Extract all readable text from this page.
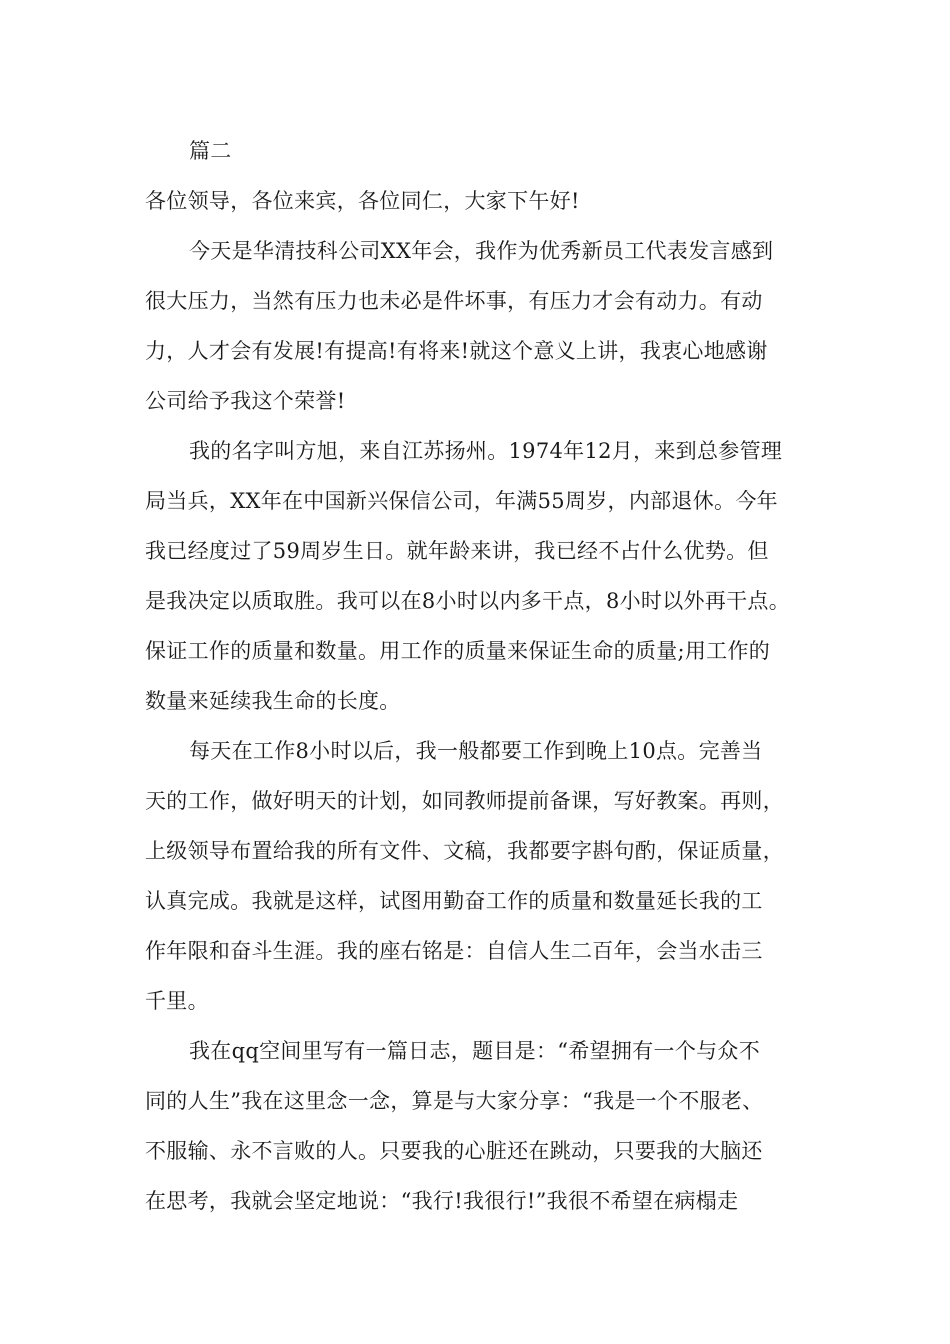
篇二
各位领导，各位来宾，各位同仁，大家下午好!
今天是华清技科公司XX年会，我作为优秀新员工代表发言感到
很大压力，当然有压力也未必是件坏事，有压力才会有动力。有动
力，人才会有发展!有提高!有将来!就这个意义上讲，我衷心地感谢
公司给予我这个荣誉!
我的名字叫方旭，来自江苏扬州。1974年12月，来到总参管理
局当兵，XX年在中国新兴保信公司，年满55周岁，内部退休。今年
我已经度过了59周岁生日。就年龄来讲，我已经不占什么优势。但
是我决定以质取胜。我可以在8小时以内多干点，8小时以外再干点。
保证工作的质量和数量。用工作的质量来保证生命的质量;用工作的
数量来延续我生命的长度。
每天在工作8小时以后，我一般都要工作到晚上10点。完善当
天的工作，做好明天的计划，如同教师提前备课，写好教案。再则，
上级领导布置给我的所有文件、文稿，我都要字斟句酌，保证质量，
认真完成。我就是这样，试图用勤奋工作的质量和数量延长我的工
作年限和奋斗生涯。我的座右铭是：自信人生二百年，会当水击三
千里。
我在qq空间里写有一篇日志，题目是：“希望拥有一个与众不
同的人生”我在这里念一念，算是与大家分享：“我是一个不服老、
不服输、永不言败的人。只要我的心脏还在跳动，只要我的大脑还
在思考，我就会坚定地说：“我行!我很行!”我很不希望在病榻走
